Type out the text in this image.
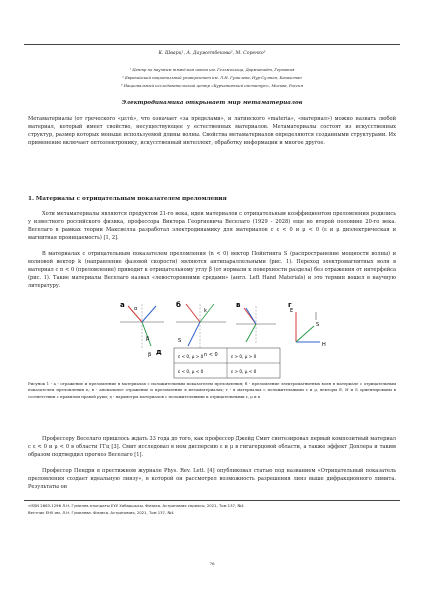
К. Шварц¹, А. Даужетбекова², М. Соренко³
¹ Центр по научным тяжёлым ионам им. Гельмгольца, Дармштадт, Германия
² Евразийский национальный университет им. Л.Н. Гумилева, Нур-Султан, Казахстан
³ Национальный исследовательский центр «Курчатовский институт», Москва, Россия
Электродинамика открывает мир метаматериалов

Метаматериалы (от греческого «μετά», что означает «за пределами», и латинского «materia», «материал») можно назвать любой материал, который имеет свойство, несуществующее у естественных материалов. Метаматериалы состоят из искусственных структур, размер которых меньше используемой длины волны. Свойства метаматериалов определяются созданными структурами. Их применение включает оптоэлектронику, искусственный интеллект, обработку информации и многое другое.

1. Материалы с отрицательным показателем преломления

Хоти метаматериалы являются продуктом 21-го века, идеи материалов с отрицательным коэффициентом преломления родились у известного российского физика, профессора Виктора Георгиевича Веселаго (1929 - 2028) еще во второй половине 20-го века. Веселаго в рамках теории Максвелла разработал электродинамику для материалов с ε < 0 и μ < 0 (ε и μ диэлектрическая и магнитная проницаемость) [1, 2].

В материалах с отрицательным показателем преломления (n < 0) вектор Пойнтинга S (распространение мощности волны) и волновой вектор k (направление фазовой скорости) являются антипараллельными (рис. 1). Переход электромагнитных волн в материал с n < 0 (преломление) приводит к отрицательному углу β (от нормали к поверхности раздела) без отражения от интерфейса (рис. 1). Такие материалы Веселаго назвал «левосторонними средами» (англ. Left Hand Materials) и это термин вошел в научную литературу.

a α
β
β
б
k
S
n < 0
в	г
E
H
S
д
ε < 0, μ > 0	ε > 0, μ > 0
ε < 0, μ < 0	ε > 0, μ < 0

Рисунок 1 - а - отражение и преломление в материалах с положительным показателем преломления; б - преломление электромагнитных волн в материале с отрицательным показателем преломления n; в - аномальное отражение и преломление в метаматериалах; г - в материалах с положительными ε и μ, векторы E, H и S ориентированы в соответствии с правилом правой руки; д - параметры материалов с положительными и отрицательными ε, μ и n

Профессору Веселаго пришлось ждать 33 года до того, как профессор Джейд Смит синтезировал первый композитный материал с ε < 0 и μ < 0 в области ГГц [3]. Смит исследовал в нем дисперсию ε и μ в гигагерцовой области, а также эффект Доплера и таким образом подтвердил прогноз Веселаго [1].

Профессор Пендри в престижном журнале Phys. Rev. Lett. [4] опубликовал статью под названием «Отрицательный показатель преломления создает идеальную линзу», в которой он рассмотрел возможность разрешения линз выше дифракционного лимита. Результаты он

«ISSN 2663-1296 Л.Н. Гумилев атындағы ЕҰУ Хабаршысы. Физика. Астрономия сериясы, 2021, Том 137, №4
Вестник ЕНУ им. Л.Н. Гумилева. Физика. Астрономия, 2021, Том 137, №4
76
